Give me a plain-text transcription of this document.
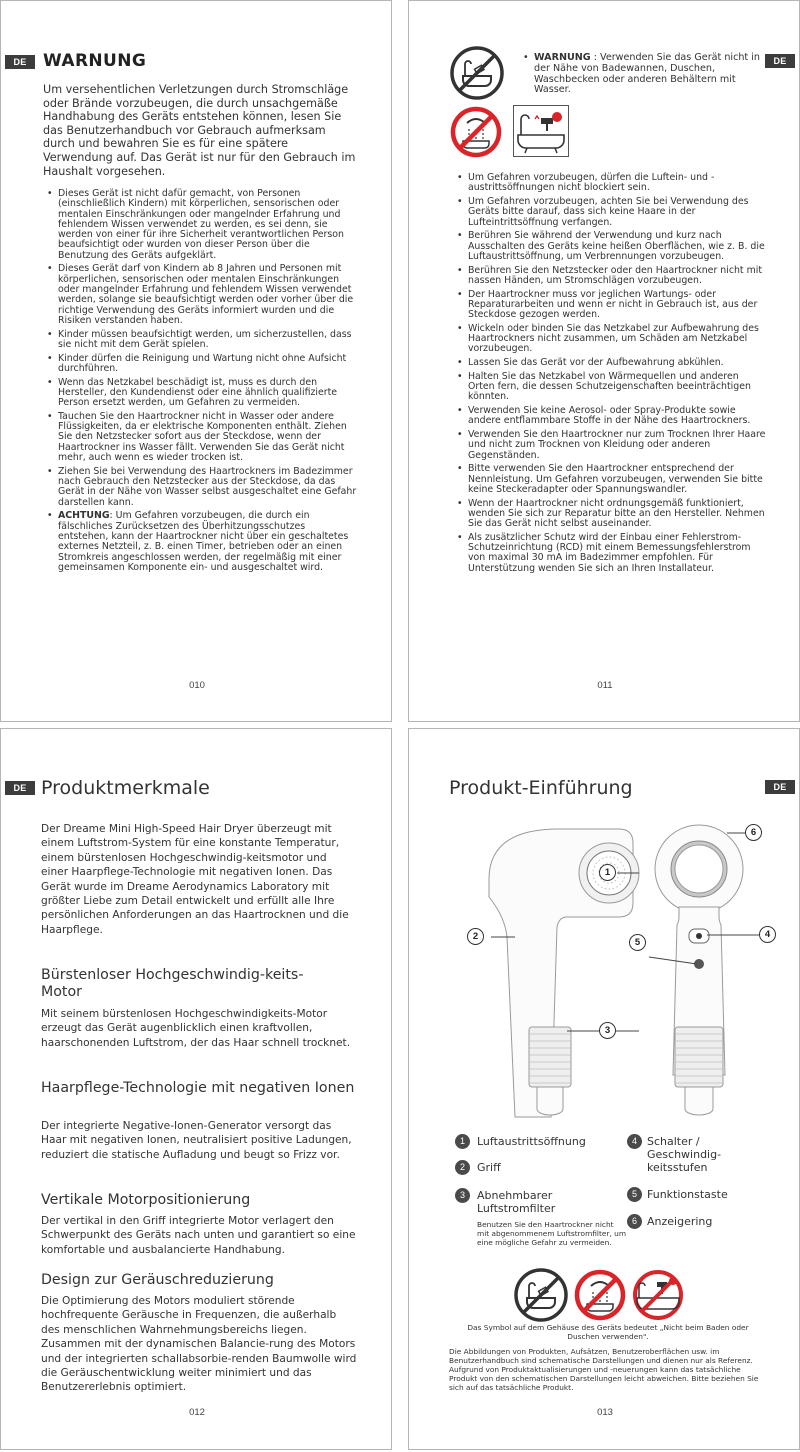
DE WARNUNG
Um versehentlichen Verletzungen durch Stromschläge oder Brände vorzubeugen, die durch unsachgemäße Handhabung des Geräts entstehen können, lesen Sie das Benutzerhandbuch vor Gebrauch aufmerksam durch und bewahren Sie es für eine spätere Verwendung auf. Das Gerät ist nur für den Gebrauch im Haushalt vorgesehen.
• Dieses Gerät ist nicht dafür gemacht, von Personen (einschließlich Kindern) mit körperlichen, sensorischen oder mentalen Einschränkungen oder mangelnder Erfahrung und fehlendem Wissen verwendet zu werden, es sei denn, sie werden von einer für ihre Sicherheit verantwortlichen Person beaufsichtigt oder wurden von dieser Person über die Benutzung des Geräts aufgeklärt.
• Dieses Gerät darf von Kindern ab 8 Jahren und Personen mit körperlichen, sensorischen oder mentalen Einschränkungen oder mangelnder Erfahrung und fehlendem Wissen verwendet werden, solange sie beaufsichtigt werden oder vorher über die richtige Verwendung des Geräts informiert wurden und die Risiken verstanden haben.
• Kinder müssen beaufsichtigt werden, um sicherzustellen, dass sie nicht mit dem Gerät spielen.
• Kinder dürfen die Reinigung und Wartung nicht ohne Aufsicht durchführen.
• Wenn das Netzkabel beschädigt ist, muss es durch den Hersteller, den Kundendienst oder eine ähnlich qualifizierte Person ersetzt werden, um Gefahren zu vermeiden.
• Tauchen Sie den Haartrockner nicht in Wasser oder andere Flüssigkeiten, da er elektrische Komponenten enthält. Ziehen Sie den Netzstecker sofort aus der Steckdose, wenn der Haartrockner ins Wasser fällt. Verwenden Sie das Gerät nicht mehr, auch wenn es wieder trocken ist.
• Ziehen Sie bei Verwendung des Haartrockners im Badezimmer nach Gebrauch den Netzstecker aus der Steckdose, da das Gerät in der Nähe von Wasser selbst ausgeschaltet eine Gefahr darstellen kann.
• ACHTUNG: Um Gefahren vorzubeugen, die durch ein fälschliches Zurücksetzen des Überhitzungsschutzes entstehen, kann der Haartrockner nicht über ein geschaltetes externes Netzteil, z. B. einen Timer, betrieben oder an einen Stromkreis angeschlossen werden, der regelmäßig mit einer gemeinsamen Komponente ein- und ausgeschaltet wird.
010
DE
• WARNUNG : Verwenden Sie das Gerät nicht in der Nähe von Badewannen, Duschen, Waschbecken oder anderen Behältern mit Wasser.
• Um Gefahren vorzubeugen, dürfen die Luftein- und -austrittsöffnungen nicht blockiert sein.
• Um Gefahren vorzubeugen, achten Sie bei Verwendung des Geräts bitte darauf, dass sich keine Haare in der Lufteintrittsöffnung verfangen.
• Berühren Sie während der Verwendung und kurz nach Ausschalten des Geräts keine heißen Oberflächen, wie z. B. die Luftaustrittsöffnung, um Verbrennungen vorzubeugen.
• Berühren Sie den Netzstecker oder den Haartrockner nicht mit nassen Händen, um Stromschlägen vorzubeugen.
• Der Haartrockner muss vor jeglichen Wartungs- oder Reparaturarbeiten und wenn er nicht in Gebrauch ist, aus der Steckdose gezogen werden.
• Wickeln oder binden Sie das Netzkabel zur Aufbewahrung des Haartrockners nicht zusammen, um Schäden am Netzkabel vorzubeugen.
• Lassen Sie das Gerät vor der Aufbewahrung abkühlen.
• Halten Sie das Netzkabel von Wärmequellen und anderen Orten fern, die dessen Schutzeigenschaften beeinträchtigen könnten.
• Verwenden Sie keine Aerosol- oder Spray-Produkte sowie andere entflammbare Stoffe in der Nähe des Haartrockners.
• Verwenden Sie den Haartrockner nur zum Trocknen Ihrer Haare und nicht zum Trocknen von Kleidung oder anderen Gegenständen.
• Bitte verwenden Sie den Haartrockner entsprechend der Nennleistung. Um Gefahren vorzubeugen, verwenden Sie bitte keine Steckeradapter oder Spannungswandler.
• Wenn der Haartrockner nicht ordnungsgemäß funktioniert, wenden Sie sich zur Reparatur bitte an den Hersteller. Nehmen Sie das Gerät nicht selbst auseinander.
• Als zusätzlicher Schutz wird der Einbau einer Fehlerstrom-Schutzeinrichtung (RCD) mit einem Bemessungsfehlerstrom von maximal 30 mA im Badezimmer empfohlen. Für Unterstützung wenden Sie sich an Ihren Installateur.
011
DE Produktmerkmale
Der Dreame Mini High-Speed Hair Dryer überzeugt mit einem Luftstrom-System für eine konstante Temperatur, einem bürstenlosen Hochgeschwindig-keitsmotor und einer Haarpflege-Technologie mit negativen Ionen. Das Gerät wurde im Dreame Aerodynamics Laboratory mit größter Liebe zum Detail entwickelt und erfüllt alle Ihre persönlichen Anforderungen an das Haartrocknen und die Haarpflege.
Bürstenloser Hochgeschwindig-keits-Motor
Mit seinem bürstenlosen Hochgeschwindigkeits-Motor erzeugt das Gerät augenblicklich einen kraftvollen, haarschonenden Luftstrom, der das Haar schnell trocknet.
Haarpflege-Technologie mit negativen Ionen
Der integrierte Negative-Ionen-Generator versorgt das Haar mit negativen Ionen, neutralisiert positive Ladungen, reduziert die statische Aufladung und beugt so Frizz vor.
Vertikale Motorpositionierung
Der vertikal in den Griff integrierte Motor verlagert den Schwerpunkt des Geräts nach unten und garantiert so eine komfortable und ausbalancierte Handhabung.
Design zur Geräuschreduzierung
Die Optimierung des Motors moduliert störende hochfrequente Geräusche in Frequenzen, die außerhalb des menschlichen Wahrnehmungsbereichs liegen. Zusammen mit der dynamischen Balancie-rung des Motors und der integrierten schallabsorbie-renden Baumwolle wird die Geräuschentwicklung weiter minimiert und das Benutzererlebnis optimiert.
012
DE
Produkt-Einführung
1
2
3
4
5
6
1	Luftaustrittsöffnung
2	Griff
3	Abnehmbarer Luftstromfilter
Benutzen Sie den Haartrockner nicht mit abgenommenem Luftstromfilter, um eine mögliche Gefahr zu vermeiden.
4 Schalter / Geschwindig-keitsstufen
5 Funktionstaste
6 Anzeigering
Das Symbol auf dem Gehäuse des Geräts bedeutet „Nicht beim Baden oder Duschen verwenden".
Die Abbildungen von Produkten, Aufsätzen, Benutzeroberflächen usw. im Benutzerhandbuch sind schematische Darstellungen und dienen nur als Referenz. Aufgrund von Produktaktualisierungen und -neuerungen kann das tatsächliche Produkt von den schematischen Darstellungen leicht abweichen. Bitte beziehen Sie sich auf das tatsächliche Produkt.
013
